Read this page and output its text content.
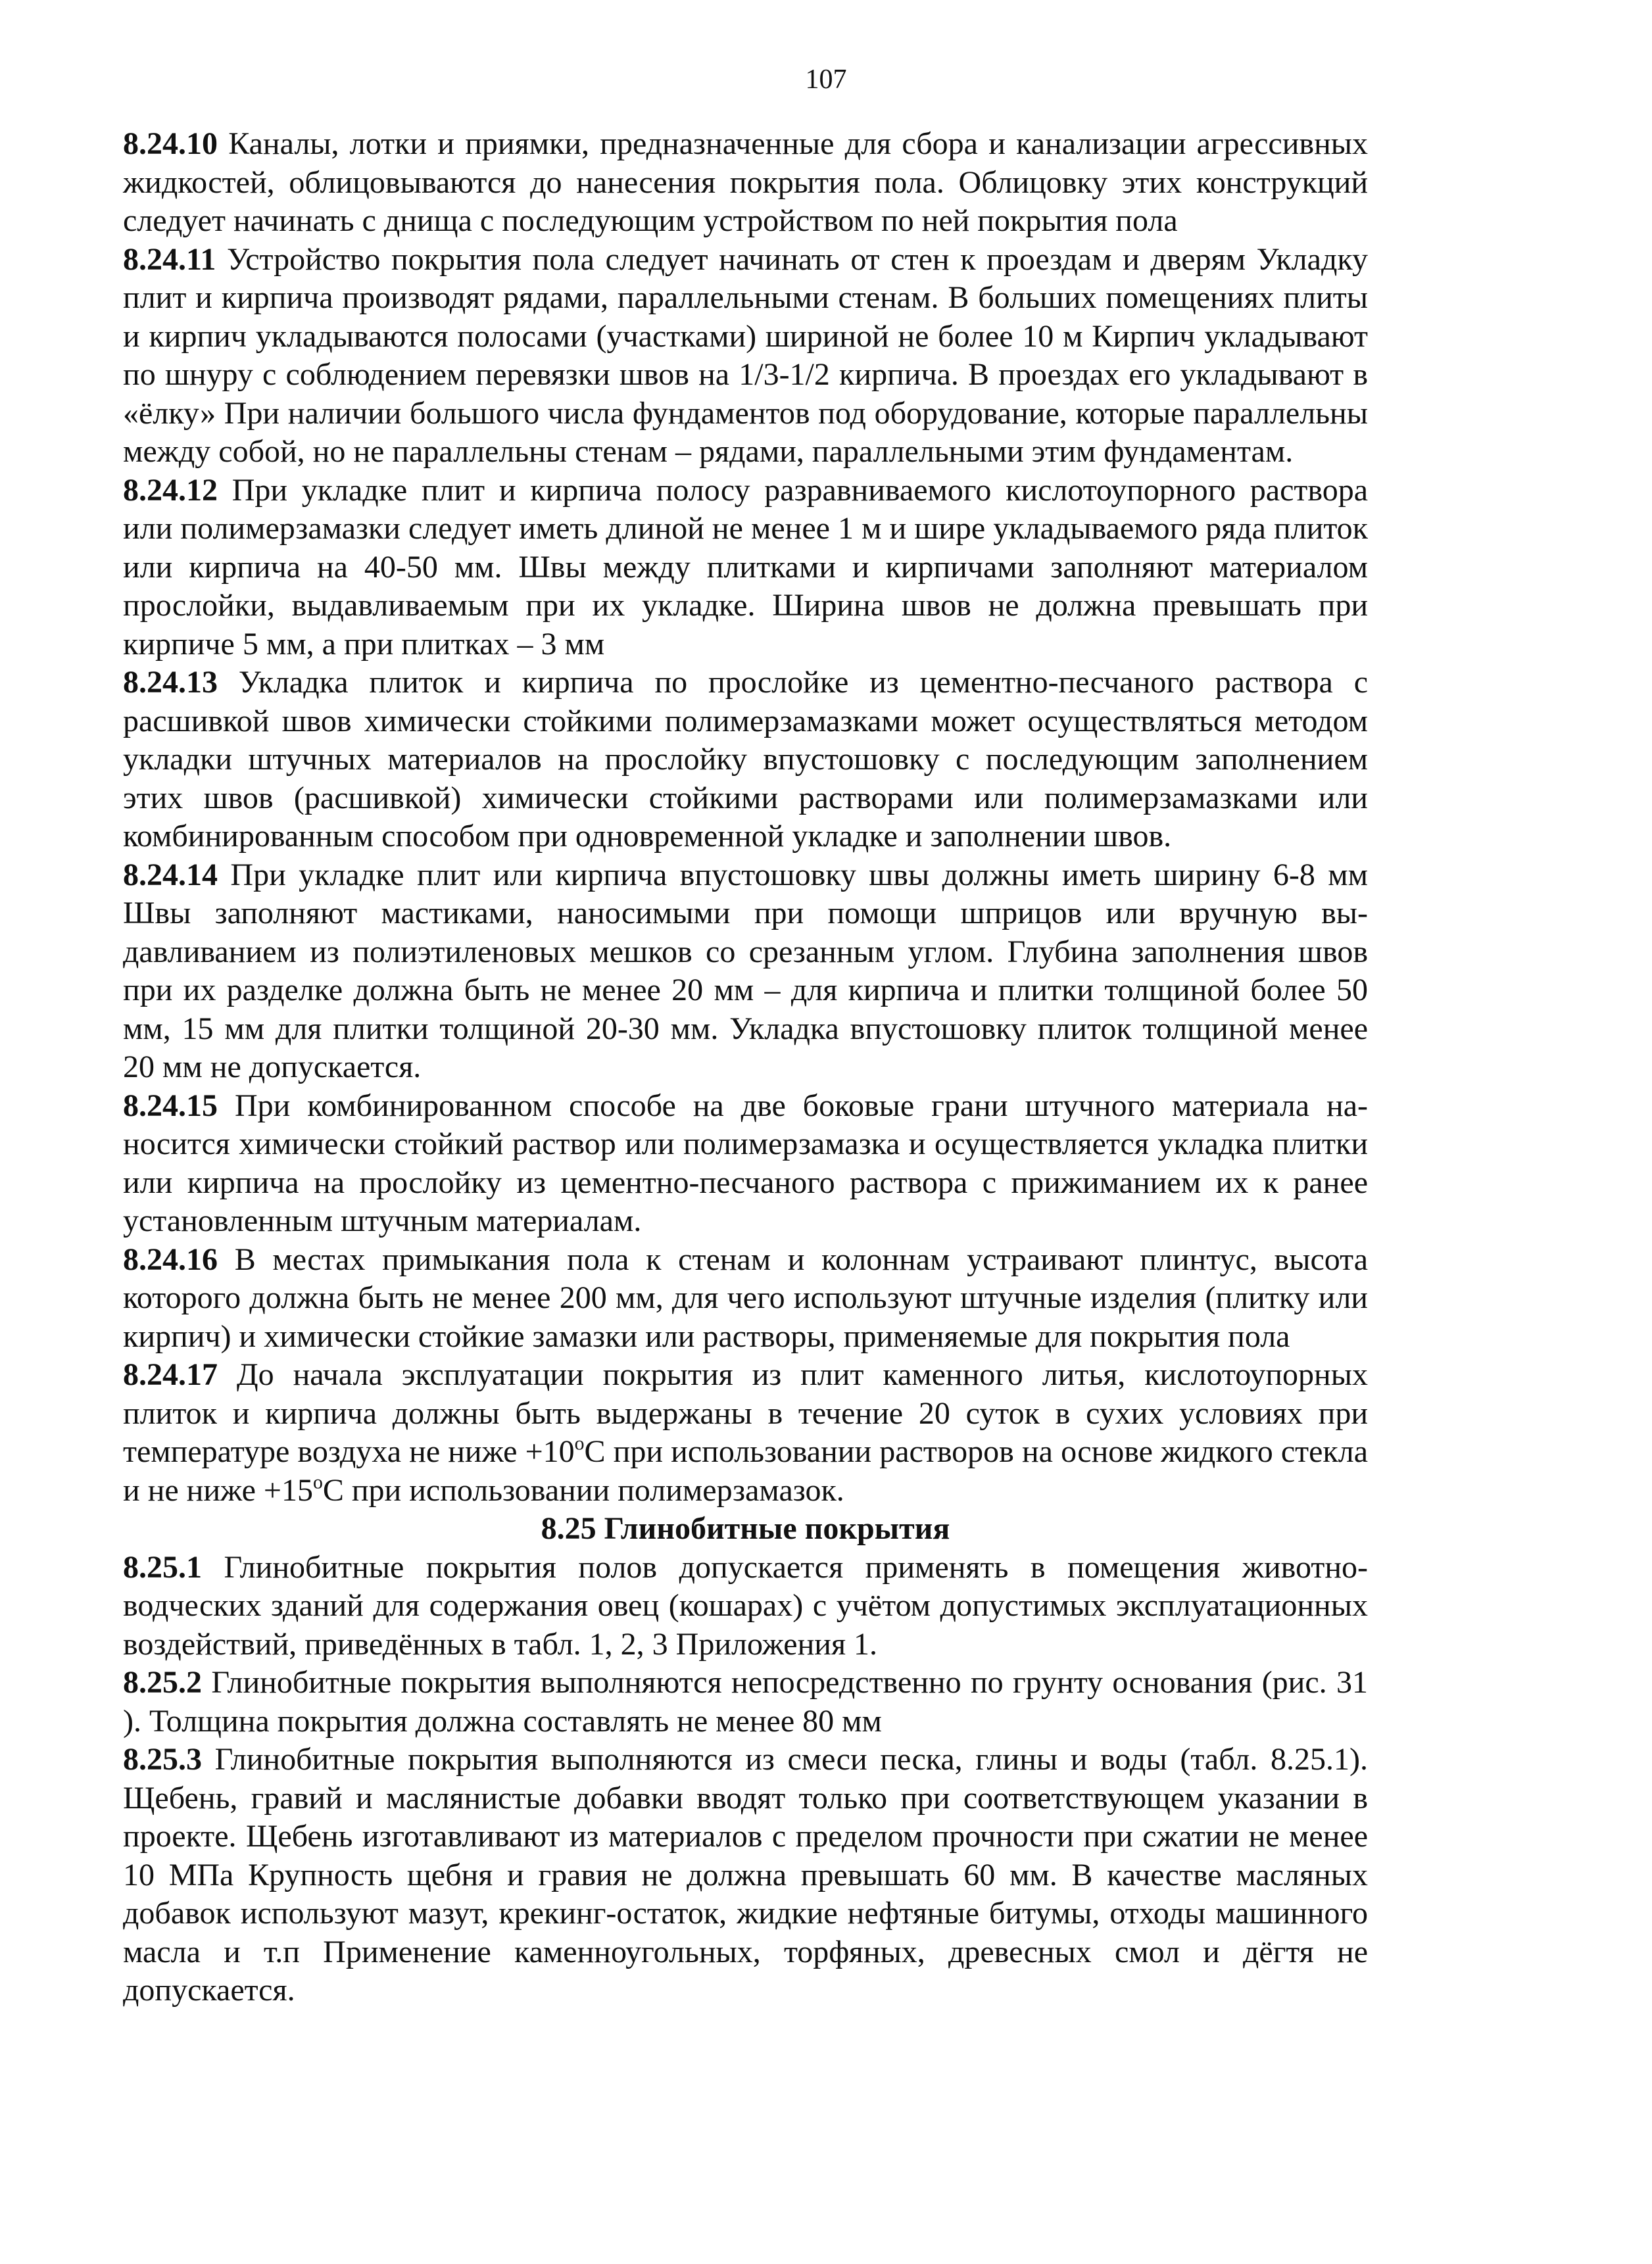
107

8.24.10 Каналы, лотки и приямки, предназначенные для сбора и канализации агрессивных жидкостей, облицовываются до нанесения покрытия пола. Облицовку этих конструкций следует начинать с днища с последующим устройством по ней покрытия пола

8.24.11 Устройство покрытия пола следует начинать от стен к проездам и дверям Укладку плит и кирпича производят рядами, параллельными стенам. В больших помещениях плиты и кирпич укладываются полосами (участками) шириной не более 10 м Кирпич укладывают по шнуру с соблюдением перевязки швов на 1/3-1/2 кирпича. В проездах его укладывают в «ёлку» При наличии большого числа фундаментов под оборудование, которые параллельны между собой, но не параллельны стенам – рядами, параллельными этим фундаментам.

8.24.12 При укладке плит и кирпича полосу разравниваемого кислотоупорного раствора или полимерзамазки следует иметь длиной не менее 1 м и шире укладываемого ряда плиток или кирпича на 40-50 мм. Швы между плитками и кирпичами заполняют материалом прослойки, выдавливаемым при их укладке. Ширина швов не должна превышать при кирпиче 5 мм, а при плитках – 3 мм

8.24.13 Укладка плиток и кирпича по прослойке из цементно-песчаного раствора с расшивкой швов химически стойкими полимерзамазками может осуществляться методом укладки штучных материалов на прослойку впустошовку с последующим заполнением этих швов (расшивкой) химически стойкими растворами или полимерзамазками или комбинированным способом при одновременной укладке и заполнении швов.

8.24.14 При укладке плит или кирпича впустошовку швы должны иметь ширину 6-8 мм Швы заполняют мастиками, наносимыми при помощи шприцов или вручную выдавливанием из полиэтиленовых мешков со срезанным углом. Глубина заполнения швов при их разделке должна быть не менее 20 мм – для кирпича и плитки толщиной более 50 мм, 15 мм для плитки толщиной 20-30 мм. Укладка впустошовку плиток толщиной менее 20 мм не допускается.

8.24.15 При комбинированном способе на две боковые грани штучного материала наносится химически стойкий раствор или полимерзамазка и осуществляется укладка плитки или кирпича на прослойку из цементно-песчаного раствора с прижиманием их к ранее установленным штучным материалам.

8.24.16 В местах примыкания пола к стенам и колоннам устраивают плинтус, высота которого должна быть не менее 200 мм, для чего используют штучные изделия (плитку или кирпич) и химически стойкие замазки или растворы, применяемые для покрытия пола

8.24.17 До начала эксплуатации покрытия из плит каменного литья, кислотоупорных плиток и кирпича должны быть выдержаны в течение 20 суток в сухих условиях при температуре воздуха не ниже $+10^oС$ при использовании растворов на основе жидкого стекла и не ниже $+15^oС$ при использовании полимерзамазок.

8.25 Глинобитные покрытия

8.25.1 Глинобитные покрытия полов допускается применять в помещения животноводческих зданий для содержания овец (кошарах) с учётом допустимых эксплуатационных воздействий, приведённых в табл. 1, 2, 3 Приложения 1.

8.25.2 Глинобитные покрытия выполняются непосредственно по грунту основания (рис. 31 ). Толщина покрытия должна составлять не менее 80 мм

8.25.3 Глинобитные покрытия выполняются из смеси песка, глины и воды (табл. 8.25.1). Щебень, гравий и маслянистые добавки вводят только при соответствующем указании в проекте. Щебень изготавливают из материалов с пределом прочности при сжатии не менее 10 МПа Крупность щебня и гравия не должна превышать 60 мм. В качестве масляных добавок используют мазут, крекинг-остаток, жидкие нефтяные битумы, отходы машинного масла и т.п Применение каменноугольных, торфяных, древесных смол и дёгтя не допускается.
